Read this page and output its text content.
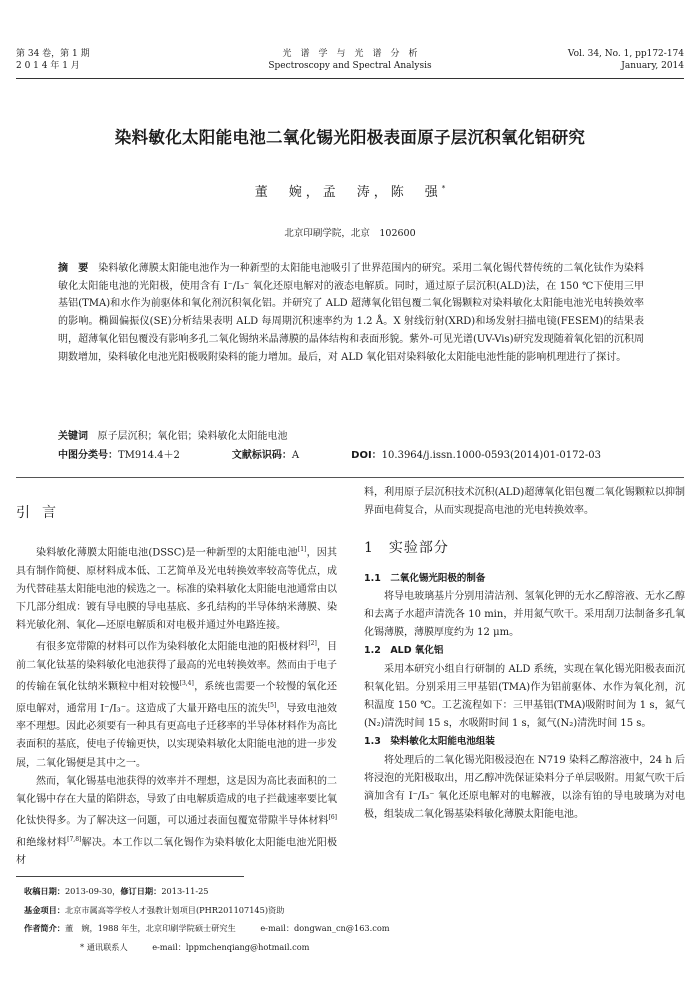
第 34 卷，第 1 期
2 0 1 4 年 1 月
光　谱　学　与　光　谱　分　析
Spectroscopy and Spectral Analysis
Vol. 34, No. 1, pp172-174
January, 2014
染料敏化太阳能电池二氧化锡光阳极表面原子层沉积氧化铝研究
董　婉，孟　涛，陈　强*
北京印刷学院，北京　102600
摘　要 染料敏化薄膜太阳能电池作为一种新型的太阳能电池吸引了世界范围内的研究。采用二氧化锡代替传统的二氧化钛作为染料敏化太阳能电池的光阳极，使用含有 I⁻/I₃⁻ 氧化还原电解对的液态电解质。同时，通过原子层沉积(ALD)法，在 150 ℃下使用三甲基铝(TMA)和水作为前驱体和氧化剂沉积氧化铝。并研究了 ALD 超薄氧化铝包覆二氧化锡颗粒对染料敏化太阳能电池光电转换效率的影响。椭圆偏振仪(SE)分析结果表明 ALD 每周期沉积速率约为 1.2 Å。X 射线衍射(XRD)和场发射扫描电镜(FESEM)的结果表明，超薄氧化铝包覆没有影响多孔二氧化锡纳米晶薄膜的晶体结构和表面形貌。紫外-可见光谱(UV-Vis)研究发现随着氧化铝的沉积周期数增加，染料敏化电池光阳极吸附染料的能力增加。最后，对 ALD 氧化铝对染料敏化太阳能电池性能的影响机理进行了探讨。
关键词 原子层沉积；氧化铝；染料敏化太阳能电池
中图分类号：TM914.4＋2	文献标识码：A	DOI：10.3964/j.issn.1000-0593(2014)01-0172-03
引言

染料敏化薄膜太阳能电池(DSSC)是一种新型的太阳能电池[1]，因其具有制作简便、原材料成本低、工艺简单及光电转换效率较高等优点，成为代替硅基太阳能电池的候选之一。标准的染料敏化太阳能电池通常由以下几部分组成：镀有导电膜的导电基底、多孔结构的半导体纳米薄膜、染料光敏化剂、氧化—还原电解质和对电极并通过外电路连接。

有很多宽带隙的材料可以作为染料敏化太阳能电池的阳极材料[2]，目前二氧化钛基的染料敏化电池获得了最高的光电转换效率。然而由于电子的传输在氧化钛纳米颗粒中相对较慢[3,4]，系统也需要一个较慢的氧化还原电解对，通常用 I⁻/I₃⁻。这造成了大量开路电压的流失[5]，导致电池效率不理想。因此必须要有一种具有更高电子迁移率的半导体材料作为高比表面积的基底，使电子传输更快，以实现染料敏化太阳能电池的进一步发展，二氧化锡便是其中之一。

然而，氧化锡基电池获得的效率并不理想，这是因为高比表面积的二氧化锡中存在大量的陷阱态，导致了由电解质造成的电子拦截速率要比氧化钛快得多。为了解决这一问题，可以通过表面包覆宽带隙半导体材料[6]和绝缘材料[7,8]解决。本工作以二氧化锡作为染料敏化太阳能电池光阳极材

料，利用原子层沉积技术沉积(ALD)超薄氧化铝包覆二氧化锡颗粒以抑制界面电荷复合，从而实现提高电池的光电转换效率。

1　实验部分
1.1　二氧化锡光阳极的制备

将导电玻璃基片分别用清洁剂、氢氧化钾的无水乙醇溶液、无水乙醇和去离子水超声清洗各 10 min，并用氮气吹干。采用刮刀法制备多孔氧化锡薄膜，薄膜厚度约为 12 μm。

1.2　ALD 氧化铝

采用本研究小组自行研制的 ALD 系统，实现在氧化锡光阳极表面沉积氧化铝。分别采用三甲基铝(TMA)作为铝前驱体、水作为氧化剂，沉积温度 150 ℃。工艺流程如下：三甲基铝(TMA)吸附时间为 1 s，氮气(N₂)清洗时间 15 s，水吸附时间 1 s，氮气(N₂)清洗时间 15 s。

1.3　染料敏化太阳能电池组装

将处理后的二氧化锡光阳极浸泡在 N719 染料乙醇溶液中，24 h 后将浸泡的光阳极取出，用乙醇冲洗保证染料分子单层吸附。用氮气吹干后滴加含有 I⁻/I₃⁻ 氧化还原电解对的电解液，以涂有铂的导电玻璃为对电极，组装成二氧化锡基染料敏化薄膜太阳能电池。

收稿日期：2013-09-30，修订日期：2013-11-25
基金项目：北京市属高等学校人才强教计划项目(PHR201107145)资助
作者简介：董　婉，1988 年生，北京印刷学院硕士研究生　　　e-mail：dongwan_cn@163.com
* 通讯联系人　　　e-mail：lppmchenqiang@hotmail.com
